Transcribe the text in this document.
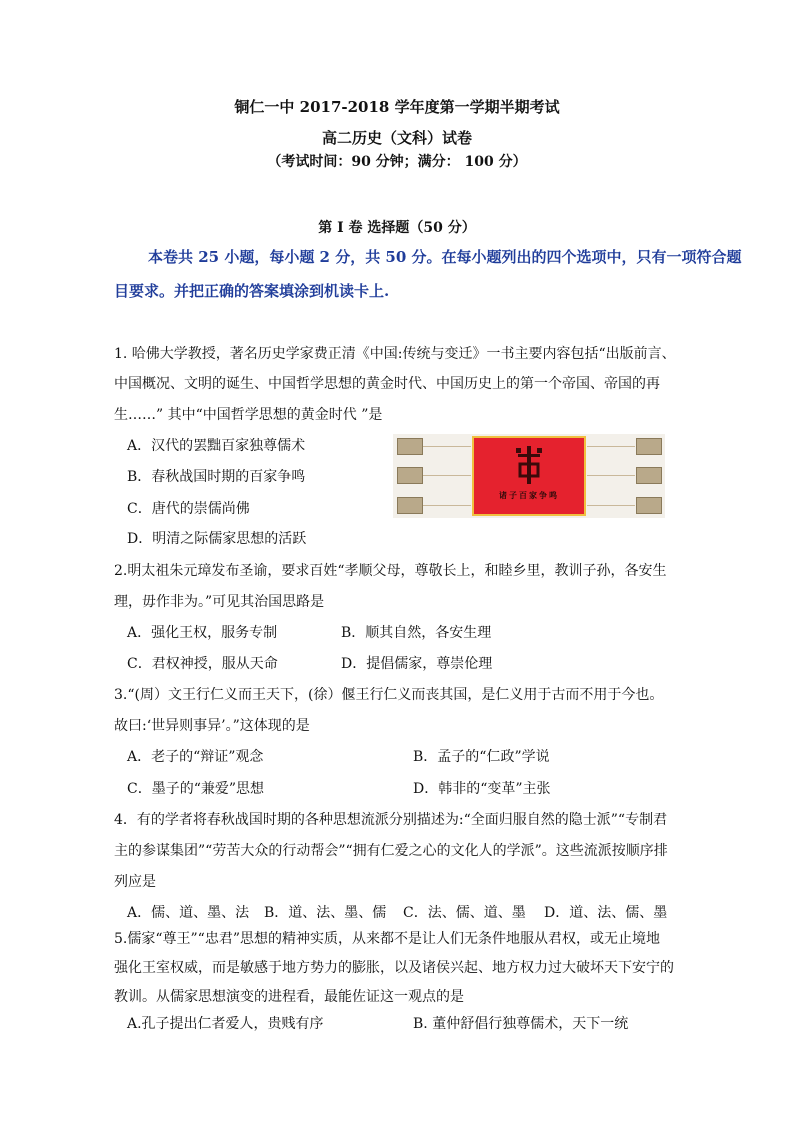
铜仁一中 2017-2018 学年度第一学期半期考试
高二历史（文科）试卷
（考试时间：90 分钟；满分： 100 分）
第 I 卷 选择题（50 分）
本卷共 25 小题，每小题 2 分，共 50 分。在每小题列出的四个选项中，只有一项符合题
目要求。并把正确的答案填涂到机读卡上.
1. 哈佛大学教授，著名历史学家费正清《中国:传统与变迁》一书主要内容包括“出版前言、
中国概况、文明的诞生、中国哲学思想的黄金时代、中国历史上的第一个帝国、帝国的再
生……” 其中“中国哲学思想的黄金时代 ”是
A．汉代的罢黜百家独尊儒术
B．春秋战国时期的百家争鸣
C．唐代的崇儒尚佛
D．明清之际儒家思想的活跃
诸子百家争鸣
2.明太祖朱元璋发布圣谕，要求百姓“孝顺父母，尊敬长上，和睦乡里，教训子孙，各安生
理，毋作非为。”可见其治国思路是
A．强化王权，服务专制	B．顺其自然，各安生理
C．君权神授，服从天命	D．提倡儒家，尊崇伦理
3.“(周）文王行仁义而王天下，(徐）偃王行仁义而丧其国，是仁义用于古而不用于今也。
故曰:‘世异则事异’。”这体现的是
A．老子的“辩证”观念	B．孟子的“仁政”学说
C．墨子的“兼爱”思想	D．韩非的“变革”主张
4．有的学者将春秋战国时期的各种思想流派分别描述为:“全面归服自然的隐士派”“专制君
主的参谋集团”“劳苦大众的行动帮会”“拥有仁爱之心的文化人的学派”。这些流派按顺序排
列应是
A．儒、道、墨、法 B．道、法、墨、儒 C．法、儒、道、墨 D．道、法、儒、墨
5.儒家“尊王”“忠君”思想的精神实质，从来都不是让人们无条件地服从君权，或无止境地
强化王室权威，而是敏感于地方势力的膨胀，以及诸侯兴起、地方权力过大破坏天下安宁的
教训。从儒家思想演变的进程看，最能佐证这一观点的是
A.孔子提出仁者爱人，贵贱有序	B. 董仲舒倡行独尊儒术，天下一统
